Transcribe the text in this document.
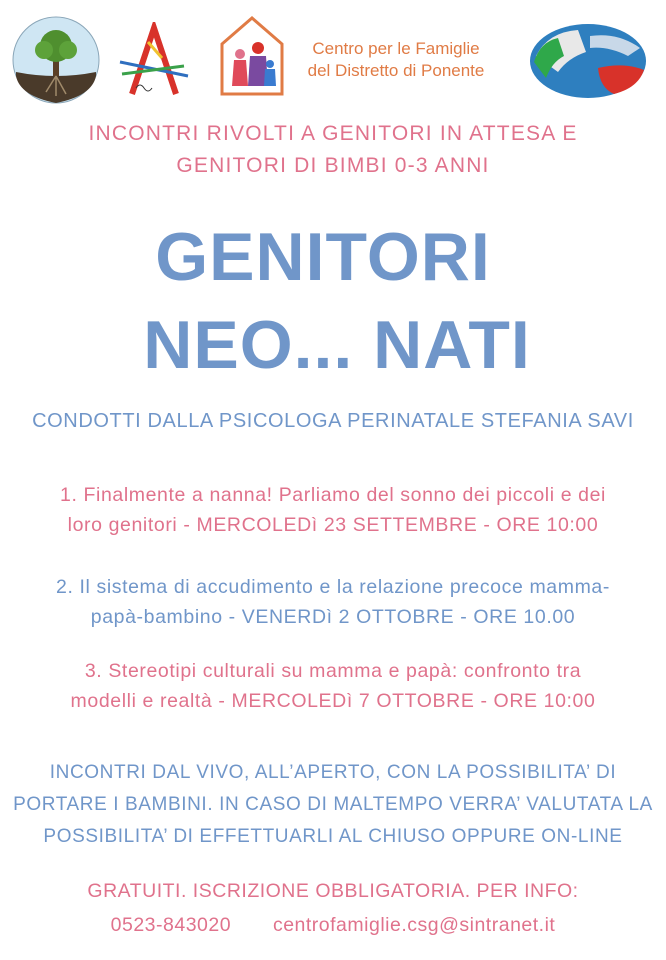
Centro per le Famiglie
del Distretto di Ponente
INCONTRI RIVOLTI A GENITORI IN ATTESA E
GENITORI DI BIMBI 0-3 ANNI
GENITORI
NEO... NATI
CONDOTTI DALLA PSICOLOGA PERINATALE STEFANIA SAVI
1. Finalmente a nanna! Parliamo del sonno dei piccoli e dei
loro genitori - MERCOLEDì 23 SETTEMBRE - ORE 10:00
2. Il sistema di accudimento e la relazione precoce mamma-
papà-bambino - VENERDì 2 OTTOBRE - ORE 10.00
3. Stereotipi culturali su mamma e papà: confronto tra
modelli e realtà - MERCOLEDì 7 OTTOBRE - ORE 10:00
INCONTRI DAL VIVO, ALL’APERTO, CON LA POSSIBILITA’ DI
PORTARE I BAMBINI. IN CASO DI MALTEMPO VERRA’ VALUTATA LA
POSSIBILITA’ DI EFFETTUARLI AL CHIUSO OPPURE ON-LINE
GRATUITI. ISCRIZIONE OBBLIGATORIA. PER INFO:
0523-843020 centrofamiglie.csg@sintranet.it
